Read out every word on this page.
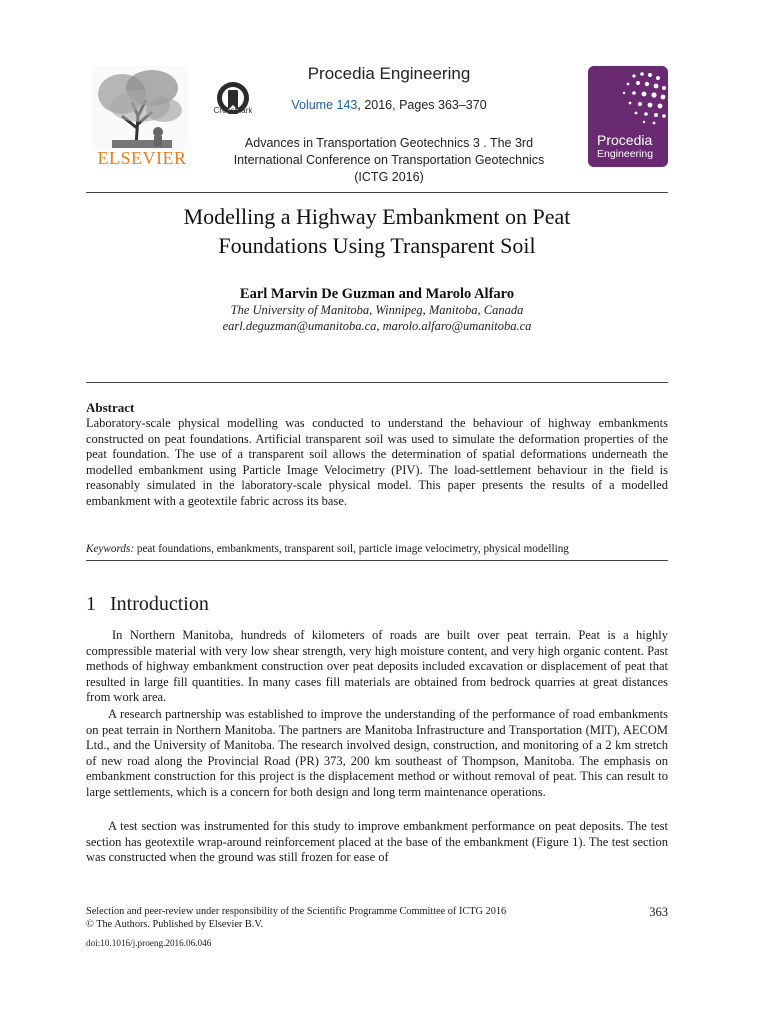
ELSEVIER
CrossMark
Procedia Engineering
Volume 143, 2016, Pages 363–370
Advances in Transportation Geotechnics 3 . The 3rd
International Conference on Transportation Geotechnics
(ICTG 2016)
Procedia
Engineering
Modelling a Highway Embankment on Peat
Foundations Using Transparent Soil
Earl Marvin De Guzman and Marolo Alfaro
The University of Manitoba, Winnipeg, Manitoba, Canada
earl.deguzman@umanitoba.ca, marolo.alfaro@umanitoba.ca
Abstract
Laboratory-scale physical modelling was conducted to understand the behaviour of highway embankments constructed on peat foundations. Artificial transparent soil was used to simulate the deformation properties of the peat foundation. The use of a transparent soil allows the determination of spatial deformations underneath the modelled embankment using Particle Image Velocimetry (PIV). The load-settlement behaviour in the field is reasonably simulated in the laboratory-scale physical model. This paper presents the results of a modelled embankment with a geotextile fabric across its base.
Keywords: peat foundations, embankments, transparent soil, particle image velocimetry, physical modelling
1 Introduction

In Northern Manitoba, hundreds of kilometers of roads are built over peat terrain. Peat is a highly compressible material with very low shear strength, very high moisture content, and very high organic content. Past methods of highway embankment construction over peat deposits included excavation or displacement of peat that resulted in large fill quantities. In many cases fill materials are obtained from bedrock quarries at great distances from work area.

A research partnership was established to improve the understanding of the performance of road embankments on peat terrain in Northern Manitoba. The partners are Manitoba Infrastructure and Transportation (MIT), AECOM Ltd., and the University of Manitoba. The research involved design, construction, and monitoring of a 2 km stretch of new road along the Provincial Road (PR) 373, 200 km southeast of Thompson, Manitoba. The emphasis on embankment construction for this project is the displacement method or without removal of peat. This can result to large settlements, which is a concern for both design and long term maintenance operations.

A test section was instrumented for this study to improve embankment performance on peat deposits. The test section has geotextile wrap-around reinforcement placed at the base of the embankment (Figure 1). The test section was constructed when the ground was still frozen for ease of

Selection and peer-review under responsibility of the Scientific Programme Committee of ICTG 2016
© The Authors. Published by Elsevier B.V.
363
doi:10.1016/j.proeng.2016.06.046
